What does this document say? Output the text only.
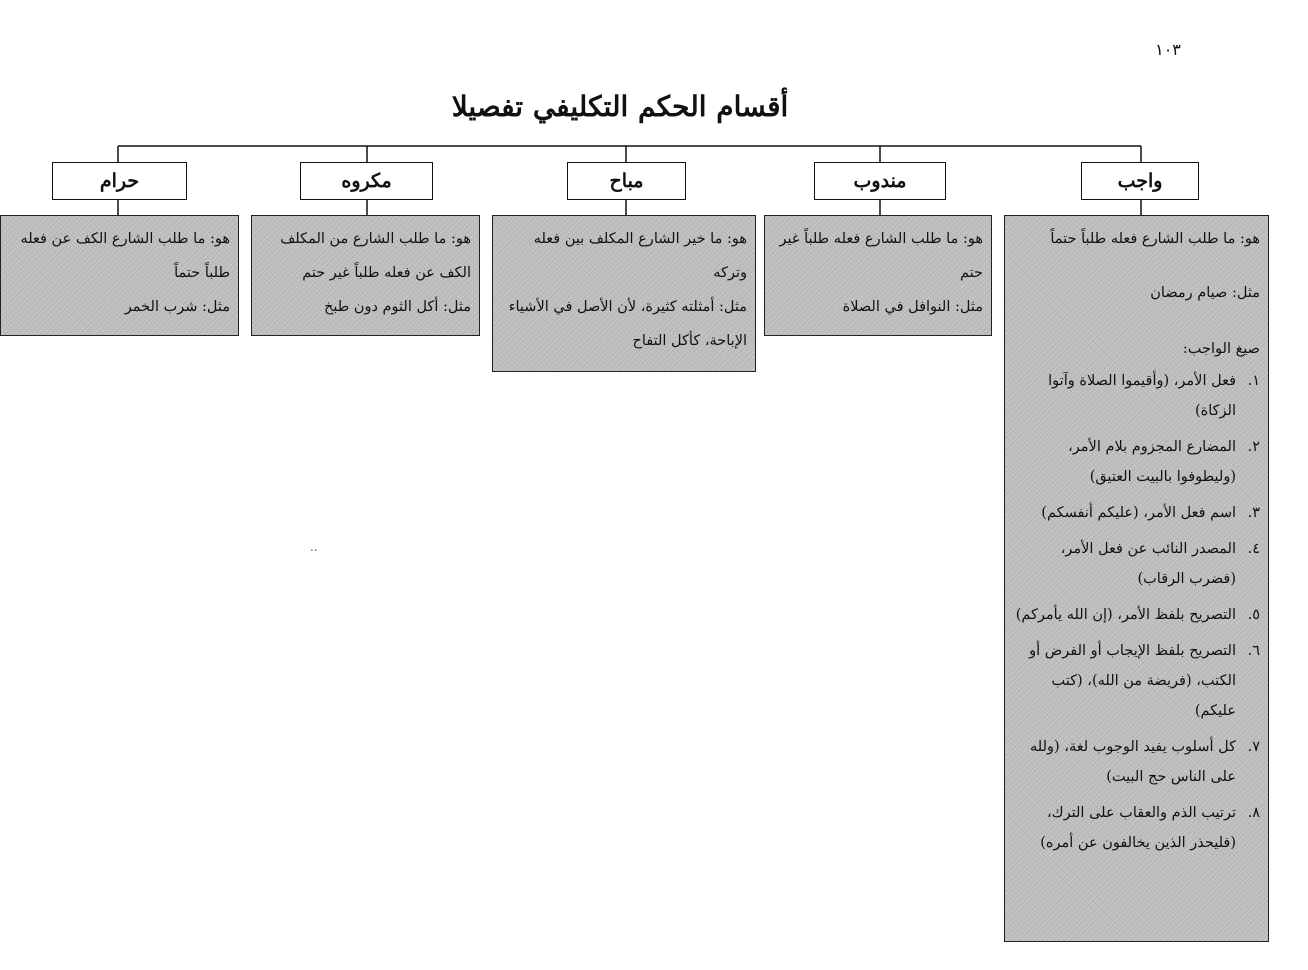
١٠٣
أقسام الحكم التكليفي تفصيلا
واجب
مندوب
مباح
مكروه
حرام

هو: ما طلب الشارع فعله طلباً حتماً

مثل: صيام رمضان

صيغ الواجب:

١.
فعل الأمر، (وأقيموا الصلاة وآتوا الزكاة)
٢.
المضارع المجزوم بلام الأمر، (وليطوفوا بالبيت العتيق)
٣.
اسم فعل الأمر، (عليكم أنفسكم)
٤.
المصدر النائب عن فعل الأمر، (فضرب الرقاب)
٥.
التصريح بلفظ الأمر، (إن الله يأمركم)
٦.
التصريح بلفظ الإيجاب أو الفرض أو الكتب، (فريضة من الله)، (كتب عليكم)
٧.
كل أسلوب يفيد الوجوب لغة، (ولله على الناس حج البيت)
٨.
ترتيب الذم والعقاب على الترك، (فليحذر الذين يخالفون عن أمره)

هو: ما طلب الشارع فعله طلباً غير حتم

مثل: النوافل في الصلاة

هو: ما خير الشارع المكلف بين فعله وتركه

مثل: أمثلته كثيرة، لأن الأصل في الأشياء الإباحة، كأكل التفاح

هو: ما طلب الشارع من المكلف الكف عن فعله طلباً غير حتم

مثل: أكل الثوم دون طبخ

هو: ما طلب الشارع الكف عن فعله طلباً حتماً

مثل: شرب الخمر

..
